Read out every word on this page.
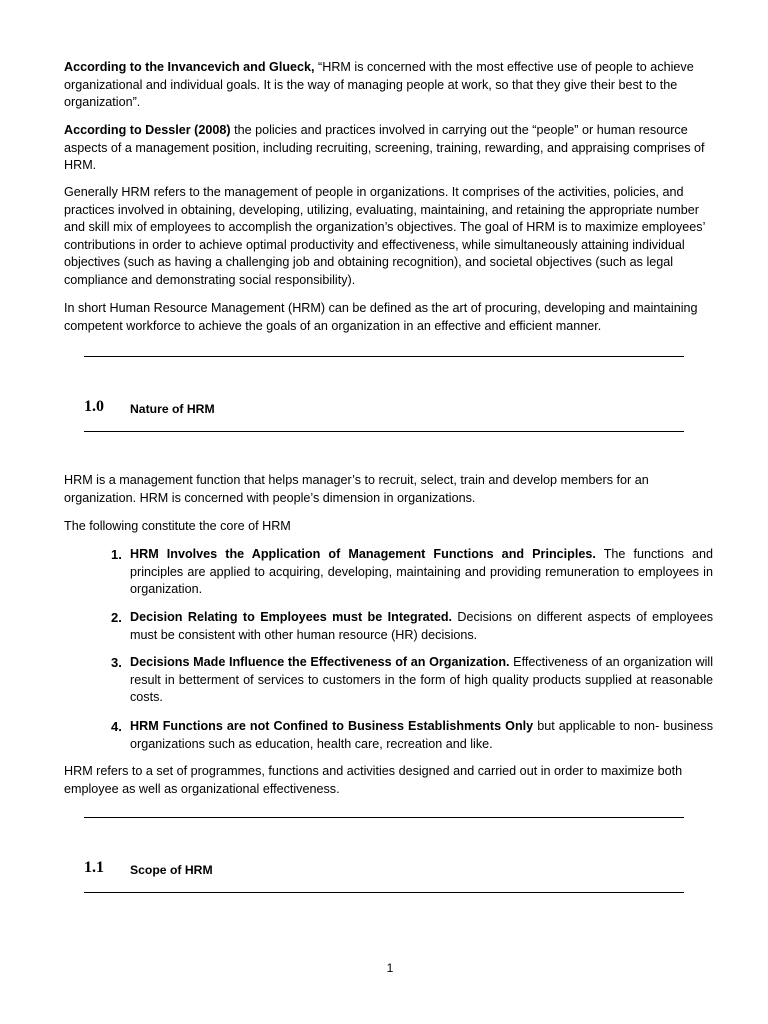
According to the Invancevich and Glueck, “HRM is concerned with the most effective use of people to achieve organizational and individual goals. It is the way of managing people at work, so that they give their best to the organization”.

According to Dessler (2008) the policies and practices involved in carrying out the “people” or human resource aspects of a management position, including recruiting, screening, training, rewarding, and appraising comprises of HRM.

Generally HRM refers to the management of people in organizations. It comprises of the activities, policies, and practices involved in obtaining, developing, utilizing, evaluating, maintaining, and retaining the appropriate number and skill mix of employees to accomplish the organization’s objectives. The goal of HRM is to maximize employees’ contributions in order to achieve optimal productivity and effectiveness, while simultaneously attaining individual objectives (such as having a challenging job and obtaining recognition), and societal objectives (such as legal compliance and demonstrating social responsibility).

In short Human Resource Management (HRM) can be defined as the art of procuring, developing and maintaining competent workforce to achieve the goals of an organization in an effective and efficient manner.

1.0 Nature of HRM

HRM is a management function that helps manager’s to recruit, select, train and develop members for an organization. HRM is concerned with people’s dimension in organizations.

The following constitute the core of HRM

1. HRM Involves the Application of Management Functions and Principles. The functions and principles are applied to acquiring, developing, maintaining and providing remuneration to employees in organization.

2. Decision Relating to Employees must be Integrated. Decisions on different aspects of employees must be consistent with other human resource (HR) decisions.

3. Decisions Made Influence the Effectiveness of an Organization. Effectiveness of an organization will result in betterment of services to customers in the form of high quality products supplied at reasonable costs.

4. HRM Functions are not Confined to Business Establishments Only but applicable to non- business organizations such as education, health care, recreation and like.

HRM refers to a set of programmes, functions and activities designed and carried out in order to maximize both employee as well as organizational effectiveness.

1.1 Scope of HRM
1
